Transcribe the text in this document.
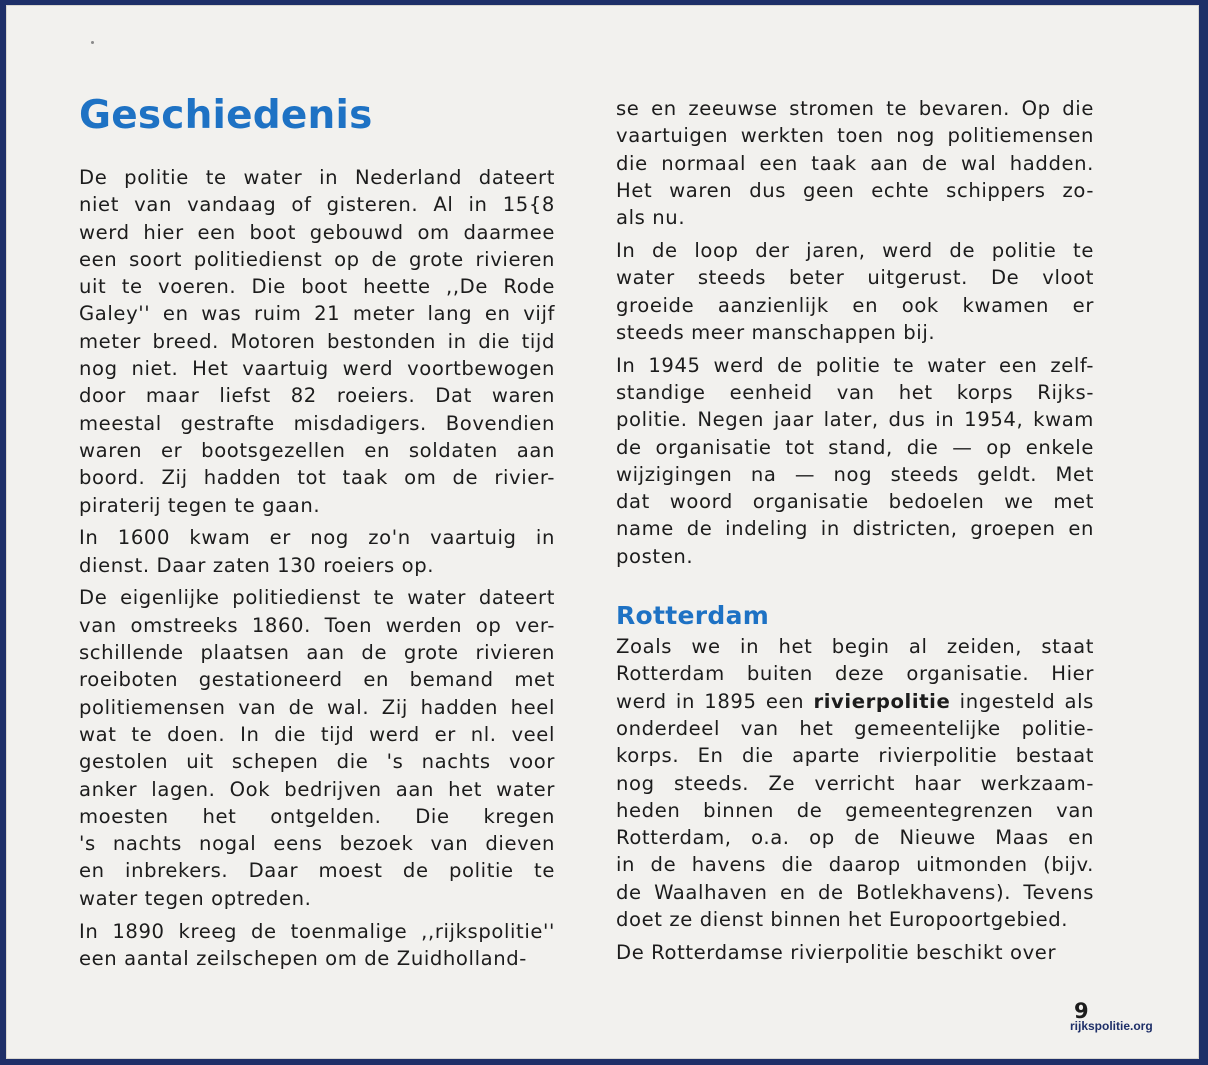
Geschiedenis
De politie te water in Nederland dateert
niet van vandaag of gisteren. Al in 15{8
werd hier een boot gebouwd om daarmee
een soort politiedienst op de grote rivieren
uit te voeren. Die boot heette ,,De Rode
Galey'' en was ruim 21 meter lang en vijf
meter breed. Motoren bestonden in die tijd
nog niet. Het vaartuig werd voortbewogen
door maar liefst 82 roeiers. Dat waren
meestal gestrafte misdadigers. Bovendien
waren er bootsgezellen en soldaten aan
boord. Zij hadden tot taak om de rivier-
piraterij tegen te gaan.
In 1600 kwam er nog zo'n vaartuig in
dienst. Daar zaten 130 roeiers op.
De eigenlijke politiedienst te water dateert
van omstreeks 1860. Toen werden op ver-
schillende plaatsen aan de grote rivieren
roeiboten gestationeerd en bemand met
politiemensen van de wal. Zij hadden heel
wat te doen. In die tijd werd er nl. veel
gestolen uit schepen die 's nachts voor
anker lagen. Ook bedrijven aan het water
moesten het ontgelden. Die kregen
's nachts nogal eens bezoek van dieven
en inbrekers. Daar moest de politie te
water tegen optreden.
In 1890 kreeg de toenmalige ,,rijkspolitie''
een aantal zeilschepen om de Zuidholland-
se en zeeuwse stromen te bevaren. Op die
vaartuigen werkten toen nog politiemensen
die normaal een taak aan de wal hadden.
Het waren dus geen echte schippers zo-
als nu.
In de loop der jaren, werd de politie te
water steeds beter uitgerust. De vloot
groeide aanzienlijk en ook kwamen er
steeds meer manschappen bij.
In 1945 werd de politie te water een zelf-
standige eenheid van het korps Rijks-
politie. Negen jaar later, dus in 1954, kwam
de organisatie tot stand, die — op enkele
wijzigingen na — nog steeds geldt. Met
dat woord organisatie bedoelen we met
name de indeling in districten, groepen en
posten.
Rotterdam
Zoals we in het begin al zeiden, staat
Rotterdam buiten deze organisatie. Hier
werd in 1895 een rivierpolitie ingesteld als
onderdeel van het gemeentelijke politie-
korps. En die aparte rivierpolitie bestaat
nog steeds. Ze verricht haar werkzaam-
heden binnen de gemeentegrenzen van
Rotterdam, o.a. op de Nieuwe Maas en
in de havens die daarop uitmonden (bijv.
de Waalhaven en de Botlekhavens). Tevens
doet ze dienst binnen het Europoortgebied.
De Rotterdamse rivierpolitie beschikt over
9
rijkspolitie.org
